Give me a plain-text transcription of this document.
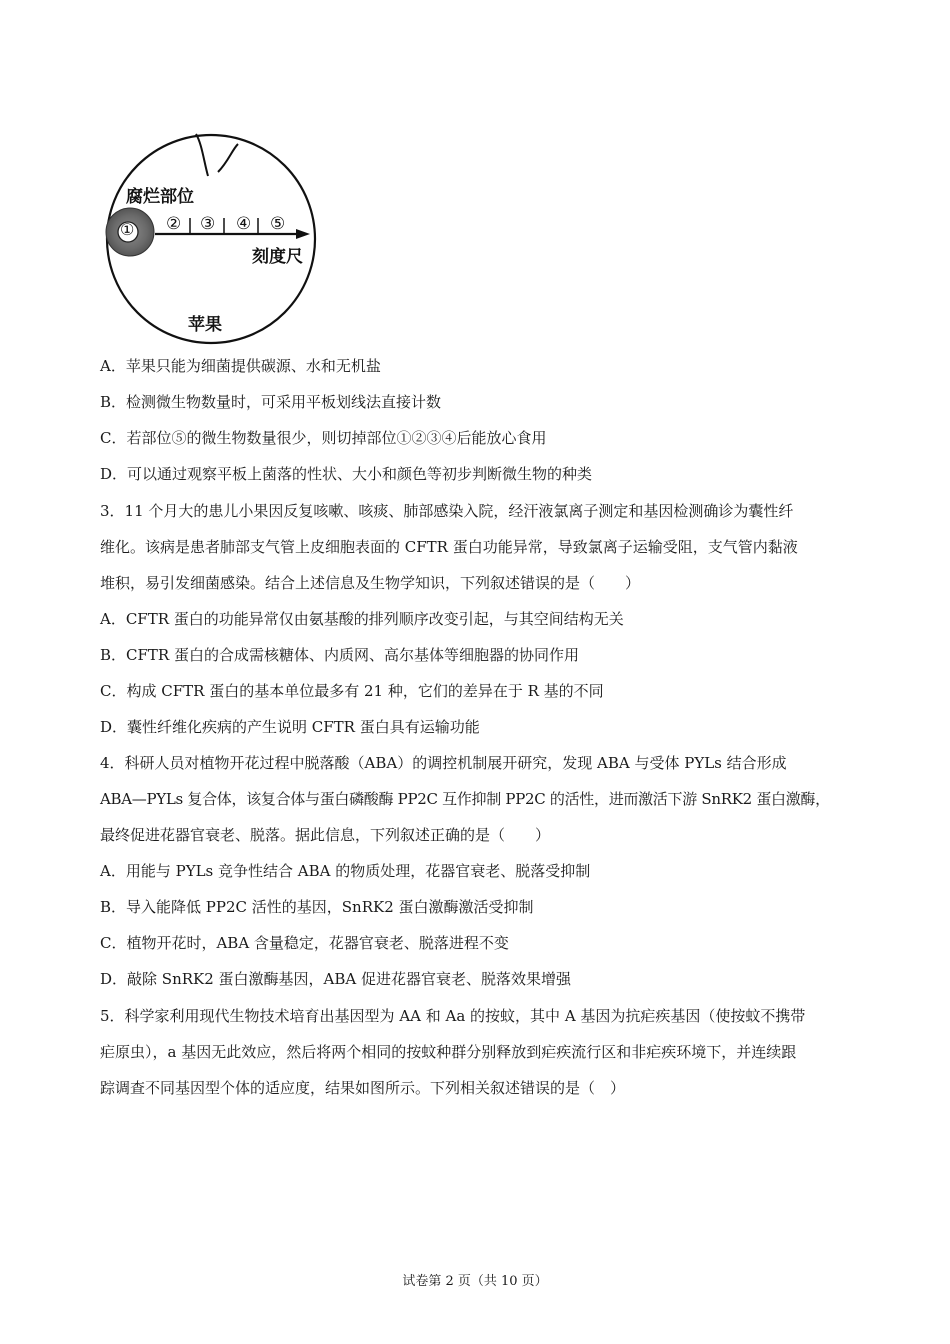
腐烂部位
① ② ③ ④ ⑤
刻度尺
苹果
A．苹果只能为细菌提供碳源、水和无机盐
B．检测微生物数量时，可采用平板划线法直接计数
C．若部位⑤的微生物数量很少，则切掉部位①②③④后能放心食用
D．可以通过观察平板上菌落的性状、大小和颜色等初步判断微生物的种类
3．11 个月大的患儿小果因反复咳嗽、咳痰、肺部感染入院，经汗液氯离子测定和基因检测确诊为囊性纤
维化。该病是患者肺部支气管上皮细胞表面的 CFTR 蛋白功能异常，导致氯离子运输受阻，支气管内黏液
堆积，易引发细菌感染。结合上述信息及生物学知识，下列叙述错误的是（　　）
A．CFTR 蛋白的功能异常仅由氨基酸的排列顺序改变引起，与其空间结构无关
B．CFTR 蛋白的合成需核糖体、内质网、高尔基体等细胞器的协同作用
C．构成 CFTR 蛋白的基本单位最多有 21 种，它们的差异在于 R 基的不同
D．囊性纤维化疾病的产生说明 CFTR 蛋白具有运输功能
4．科研人员对植物开花过程中脱落酸（ABA）的调控机制展开研究，发现 ABA 与受体 PYLs 结合形成
ABA—PYLs 复合体，该复合体与蛋白磷酸酶 PP2C 互作抑制 PP2C 的活性，进而激活下游 SnRK2 蛋白激酶，
最终促进花器官衰老、脱落。据此信息，下列叙述正确的是（　　）
A．用能与 PYLs 竞争性结合 ABA 的物质处理，花器官衰老、脱落受抑制
B．导入能降低 PP2C 活性的基因，SnRK2 蛋白激酶激活受抑制
C．植物开花时，ABA 含量稳定，花器官衰老、脱落进程不变
D．敲除 SnRK2 蛋白激酶基因，ABA 促进花器官衰老、脱落效果增强
5．科学家利用现代生物技术培育出基因型为 AA 和 Aa 的按蚊，其中 A 基因为抗疟疾基因（使按蚊不携带
疟原虫），a 基因无此效应，然后将两个相同的按蚊种群分别释放到疟疾流行区和非疟疾环境下，并连续跟
踪调查不同基因型个体的适应度，结果如图所示。下列相关叙述错误的是（　）
试卷第 2 页（共 10 页）
